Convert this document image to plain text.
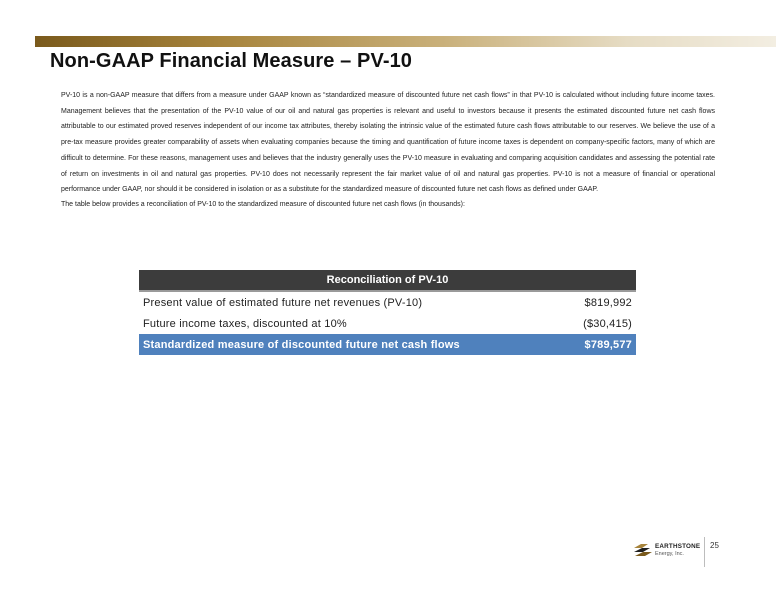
Non-GAAP Financial Measure – PV-10
PV-10 is a non-GAAP measure that differs from a measure under GAAP known as “standardized measure of discounted future net cash flows” in that PV-10 is calculated without including future income taxes. Management believes that the presentation of the PV-10 value of our oil and natural gas properties is relevant and useful to investors because it presents the estimated discounted future net cash flows attributable to our estimated proved reserves independent of our income tax attributes, thereby isolating the intrinsic value of the estimated future cash flows attributable to our reserves. We believe the use of a pre-tax measure provides greater comparability of assets when evaluating companies because the timing and quantification of future income taxes is dependent on company-specific factors, many of which are difficult to determine. For these reasons, management uses and believes that the industry generally uses the PV-10 measure in evaluating and comparing acquisition candidates and assessing the potential rate of return on investments in oil and natural gas properties. PV-10 does not necessarily represent the fair market value of oil and natural gas properties. PV-10 is not a measure of financial or operational performance under GAAP, nor should it be considered in isolation or as a substitute for the standardized measure of discounted future net cash flows as defined under GAAP.
The table below provides a reconciliation of PV-10 to the standardized measure of discounted future net cash flows (in thousands):
Reconciliation of PV-10	
Present value of estimated future net revenues (PV-10)	$819,992
Future income taxes, discounted at 10%	($30,415)
Standardized measure of discounted future net cash flows	$789,577
EARTHSTONE
Energy, Inc.
25
